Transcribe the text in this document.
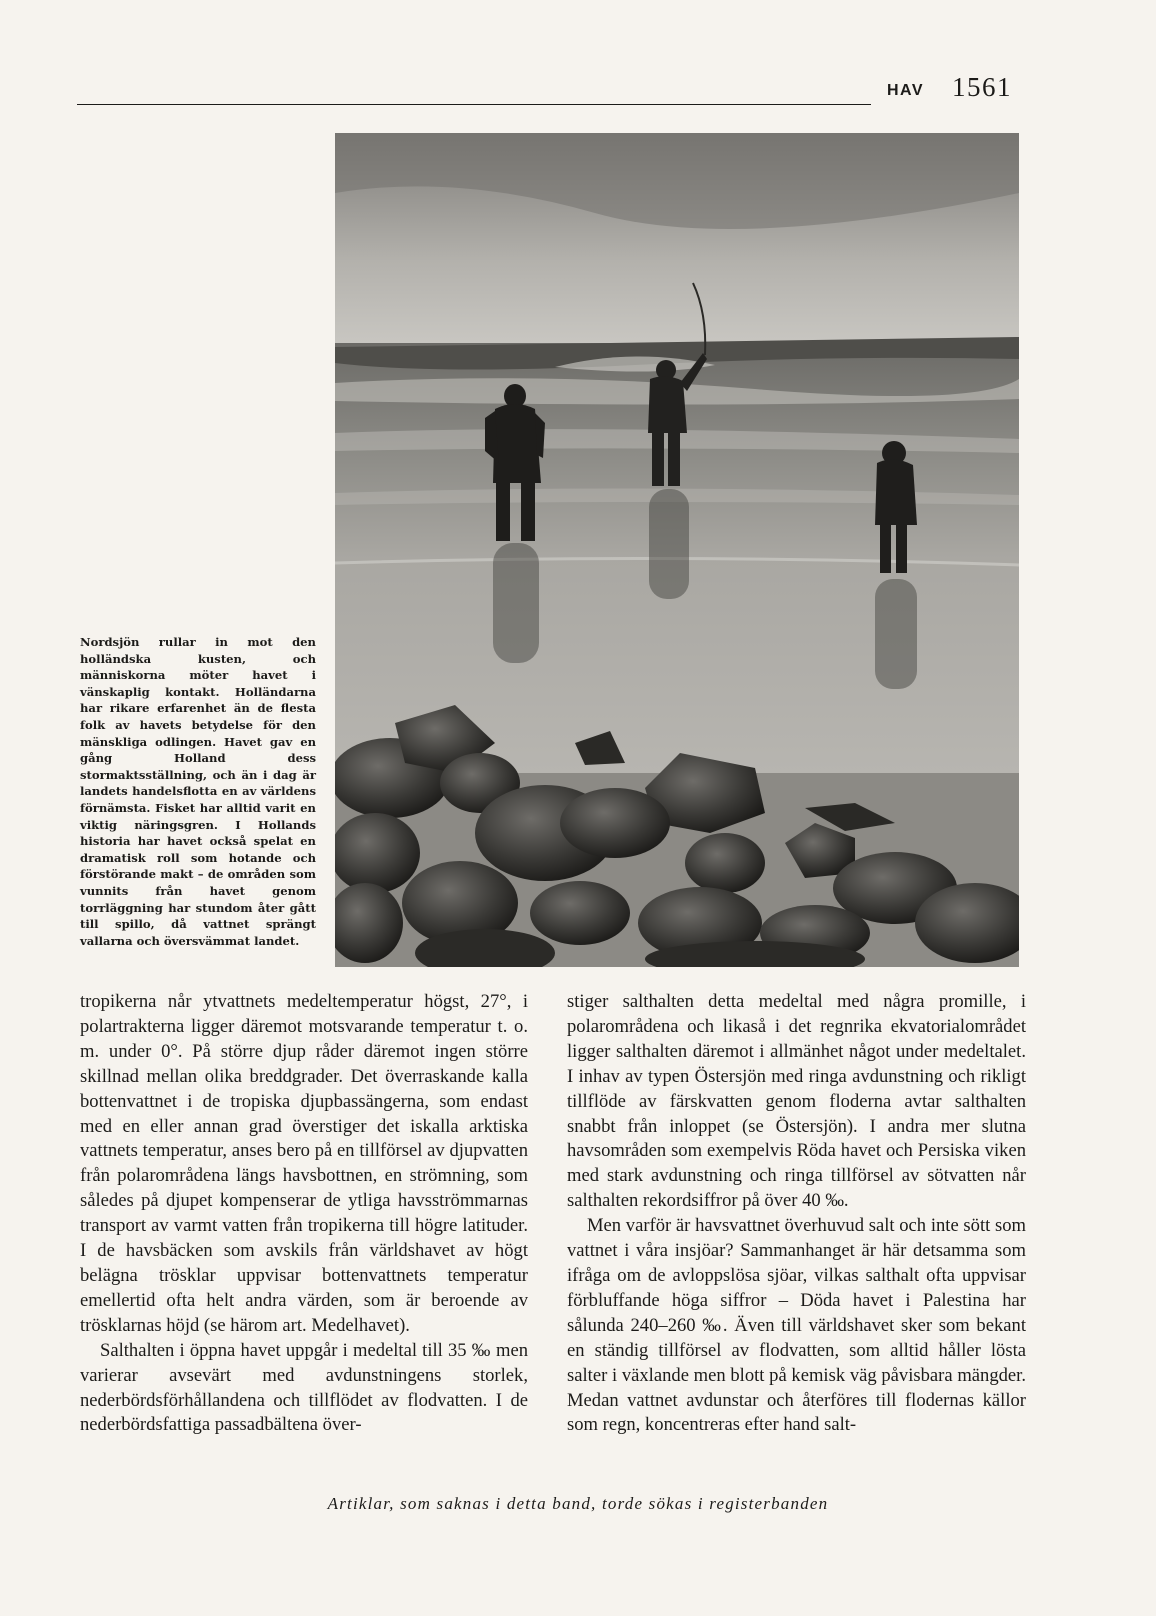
HAV 1561

Nordsjön rullar in mot den holländska kusten, och människorna möter havet i vänskaplig kontakt. Holländarna har rikare erfarenhet än de flesta folk av havets betydelse för den mänskliga odlingen. Havet gav en gång Holland dess stormaktsställning, och än i dag är landets handelsflotta en av världens förnämsta. Fisket har alltid varit en viktig näringsgren. I Hollands historia har havet också spelat en dramatisk roll som hotande och förstörande makt – de områden som vunnits från havet genom torrläggning har stundom åter gått till spillo, då vattnet sprängt vallarna och översvämmat landet.

tropikerna når ytvattnets medeltemperatur högst, 27°, i polartrakterna ligger däremot motsvarande temperatur t. o. m. under 0°. På större djup råder däremot ingen större skillnad mellan olika breddgrader. Det överraskande kalla bottenvattnet i de tropiska djupbassängerna, som endast med en eller annan grad överstiger det iskalla arktiska vattnets temperatur, anses bero på en tillförsel av djupvatten från polarområdena längs havsbottnen, en strömning, som således på djupet kompenserar de ytliga havsströmmarnas transport av varmt vatten från tropikerna till högre latituder. I de havsbäcken som avskils från världshavet av högt belägna trösklar uppvisar bottenvattnets temperatur emellertid ofta helt andra värden, som är beroende av trösklarnas höjd (se härom art. Medelhavet).

Salthalten i öppna havet uppgår i medeltal till 35 ‰ men varierar avsevärt med avdunstningens storlek, nederbördsförhållandena och tillflödet av flodvatten. I de nederbördsfattiga passadbältena över-

stiger salthalten detta medeltal med några promille, i polarområdena och likaså i det regnrika ekvatorialområdet ligger salthalten däremot i allmänhet något under medeltalet. I inhav av typen Östersjön med ringa avdunstning och rikligt tillflöde av färskvatten genom floderna avtar salthalten snabbt från inloppet (se Östersjön). I andra mer slutna havsområden som exempelvis Röda havet och Persiska viken med stark avdunstning och ringa tillförsel av sötvatten når salthalten rekordsiffror på över 40 ‰.

Men varför är havsvattnet överhuvud salt och inte sött som vattnet i våra insjöar? Sammanhanget är här detsamma som ifråga om de avloppslösa sjöar, vilkas salthalt ofta uppvisar förbluffande höga siffror – Döda havet i Palestina har sålunda 240–260 ‰. Även till världshavet sker som bekant en ständig tillförsel av flodvatten, som alltid håller lösta salter i växlande men blott på kemisk väg påvisbara mängder. Medan vattnet avdunstar och återföres till flodernas källor som regn, koncentreras efter hand salt-

Artiklar, som saknas i detta band, torde sökas i registerbanden
